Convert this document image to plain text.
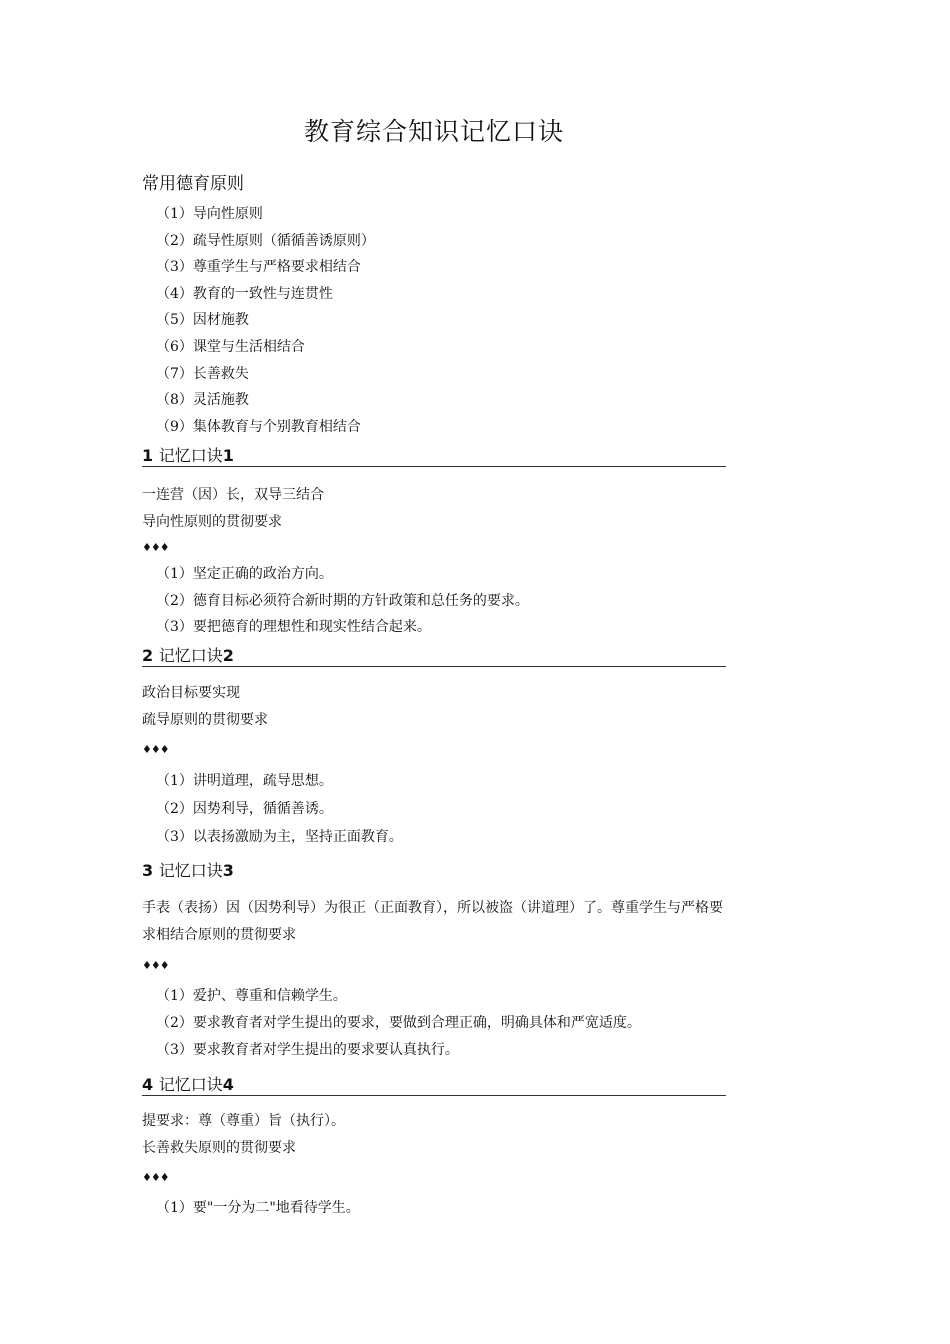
教育综合知识记忆口诀
常用德育原则
（1）导向性原则
（2）疏导性原则（循循善诱原则）
（3）尊重学生与严格要求相结合
（4）教育的一致性与连贯性
（5）因材施教
（6）课堂与生活相结合
（7）长善救失
（8）灵活施教
（9）集体教育与个别教育相结合
1 记忆口诀1
一连营（因）长，双导三结合
导向性原则的贯彻要求
♦♦♦
（1）坚定正确的政治方向。
（2）德育目标必须符合新时期的方针政策和总任务的要求。
（3）要把德育的理想性和现实性结合起来。
2 记忆口诀2
政治目标要实现
疏导原则的贯彻要求
♦♦♦
（1）讲明道理，疏导思想。
（2）因势利导，循循善诱。
（3）以表扬激励为主，坚持正面教育。
3 记忆口诀3
手表（表扬）因（因势利导）为很正（正面教育），所以被盗（讲道理）了。尊重学生与严格要求相结合原则的贯彻要求
♦♦♦
（1）爱护、尊重和信赖学生。
（2）要求教育者对学生提出的要求，要做到合理正确，明确具体和严宽适度。
（3）要求教育者对学生提出的要求要认真执行。
4 记忆口诀4
提要求：尊（尊重）旨（执行）。
长善救失原则的贯彻要求
♦♦♦
（1）要"一分为二"地看待学生。
